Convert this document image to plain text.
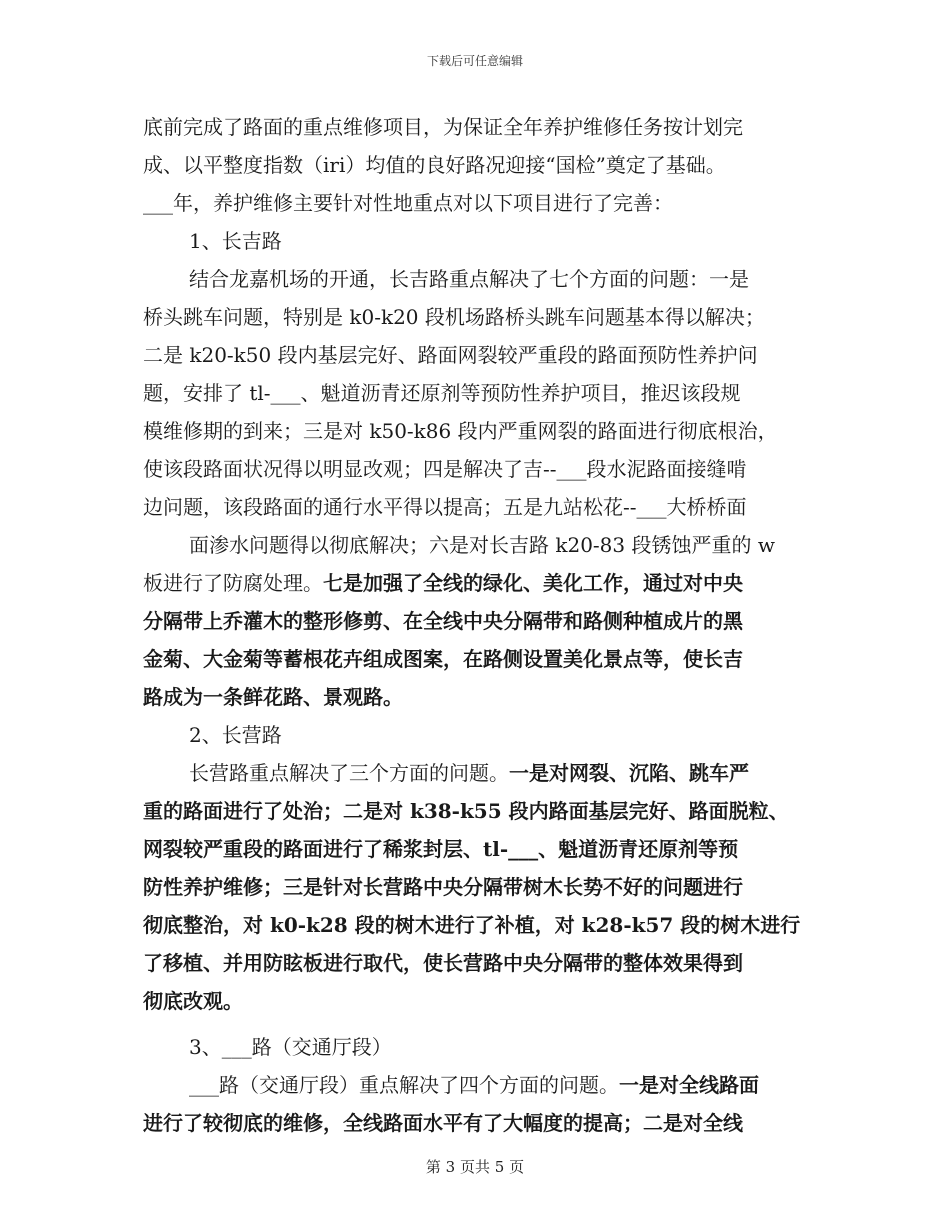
下载后可任意编辑
底前完成了路面的重点维修项目，为保证全年养护维修任务按计划完
成、以平整度指数（iri）均值的良好路况迎接“国检”奠定了基础。
___年，养护维修主要针对性地重点对以下项目进行了完善：
1、长吉路
结合龙嘉机场的开通，长吉路重点解决了七个方面的问题：一是
桥头跳车问题，特别是 k0-k20 段机场路桥头跳车问题基本得以解决；
二是 k20-k50 段内基层完好、路面网裂较严重段的路面预防性养护问
题，安排了 tl-___、魁道沥青还原剂等预防性养护项目，推迟该段规
模维修期的到来；三是对 k50-k86 段内严重网裂的路面进行彻底根治，
使该段路面状况得以明显改观；四是解决了吉--___段水泥路面接缝啃
边问题，该段路面的通行水平得以提高；五是九站松花--___大桥桥面
面渗水问题得以彻底解决；六是对长吉路 k20-83 段锈蚀严重的 w
板进行了防腐处理。七是加强了全线的绿化、美化工作，通过对中央
分隔带上乔灌木的整形修剪、在全线中央分隔带和路侧种植成片的黑
金菊、大金菊等蓄根花卉组成图案，在路侧设置美化景点等，使长吉
路成为一条鲜花路、景观路。
2、长营路
长营路重点解决了三个方面的问题。一是对网裂、沉陷、跳车严
重的路面进行了处治；二是对 k38-k55 段内路面基层完好、路面脱粒、
网裂较严重段的路面进行了稀浆封层、tl-___、魁道沥青还原剂等预
防性养护维修；三是针对长营路中央分隔带树木长势不好的问题进行
彻底整治，对 k0-k28 段的树木进行了补植，对 k28-k57 段的树木进行
了移植、并用防眩板进行取代，使长营路中央分隔带的整体效果得到
彻底改观。
3、___路（交通厅段）
___路（交通厅段）重点解决了四个方面的问题。一是对全线路面
进行了较彻底的维修，全线路面水平有了大幅度的提高；二是对全线
第 3 页共 5 页
